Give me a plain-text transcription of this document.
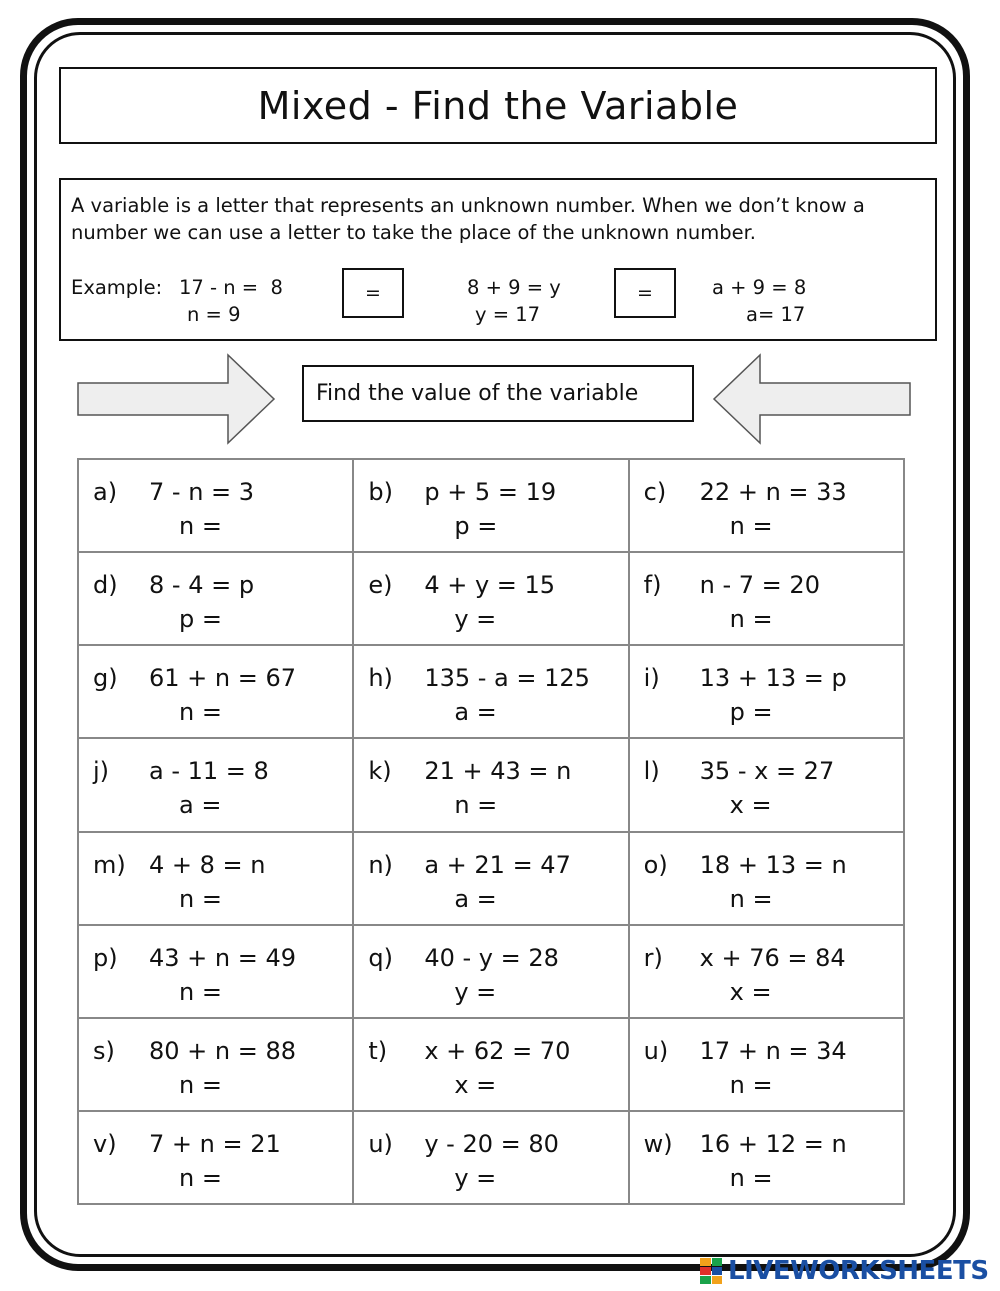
Mixed - Find the Variable
A variable is a letter that represents an unknown number. When we don’t know a number we can use a letter to take the place of the unknown number.
Example: 17 - n =  8
n = 9
=	8 + 9 = y
y = 17
=	a + 9 = 8
a= 17
Find the value of the variable
a) 7 - n = 3
n =
b) p + 5 = 19
p =
c) 22 + n = 33
n =
d) 8 - 4 = p
p =
e) 4 + y = 15
y =
f) n - 7 = 20
n =
g) 61 + n = 67
n =
h) 135 - a = 125
a =
i) 13 + 13 = p
p =
j) a - 11 = 8
a =
k) 21 + 43 = n
n =
l) 35 - x = 27
x =
m) 4 + 8 = n
n =
n) a + 21 = 47
a =
o) 18 + 13 = n
n =
p) 43 + n = 49
n =
q) 40 - y = 28
y =
r) x + 76 = 84
x =
s) 80 + n = 88
n =
t) x + 62 = 70
x =
u) 17 + n = 34
n =
v) 7 + n = 21
n =
u) y - 20 = 80
y =
w) 16 + 12 = n
n =
LIVEWORKSHEETS
